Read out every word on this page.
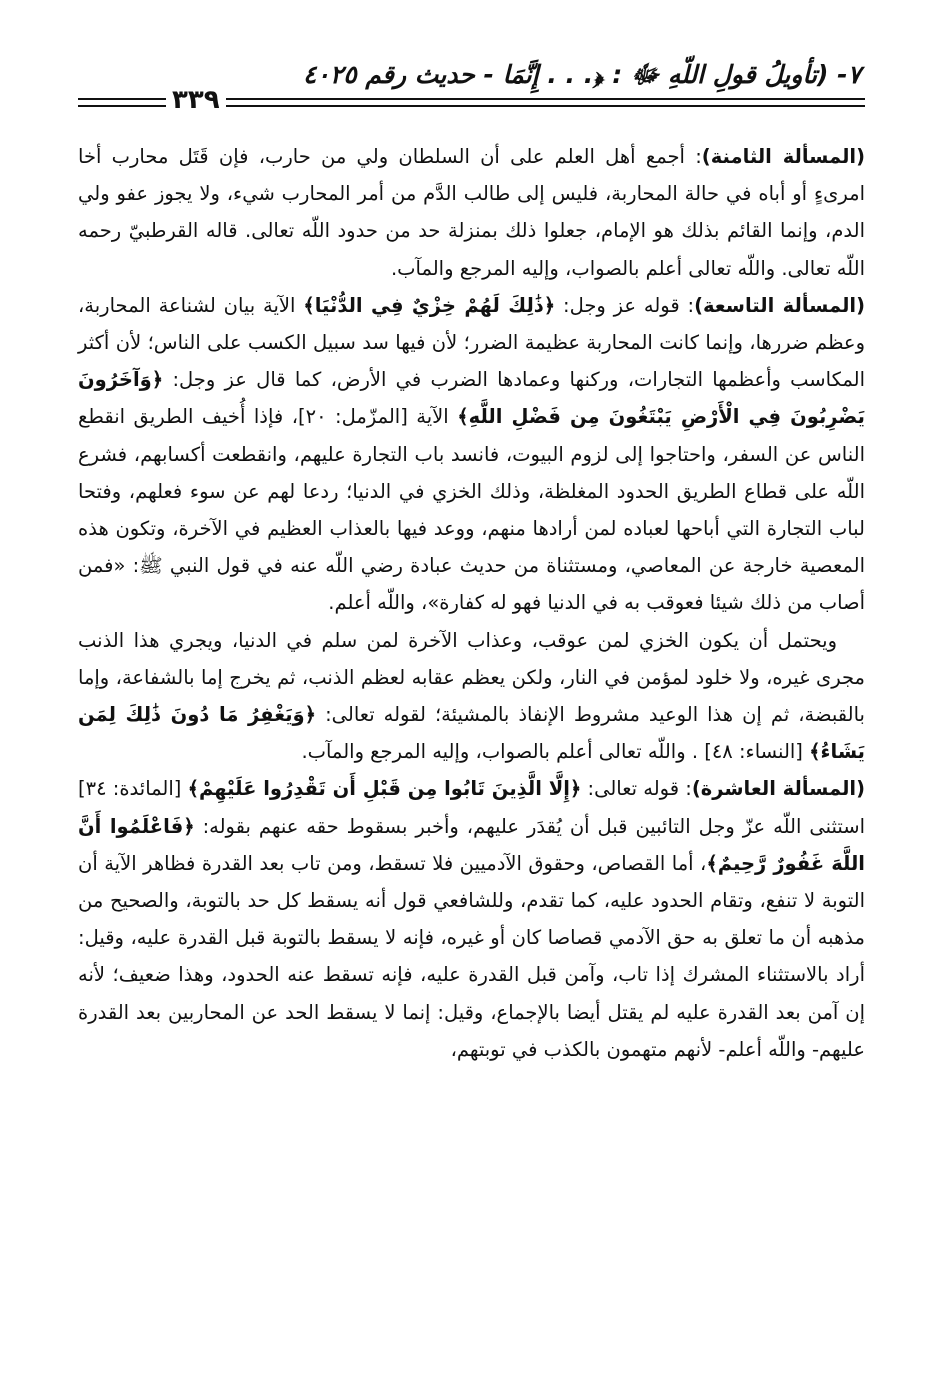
٧- (تأويلُ قولِ اللّهِ ﷻ : ﴿. . . إِنَّمَا - حديث رقم ٤٠٢٥
٣٣٩

(المسألة الثامنة): أجمع أهل العلم على أن السلطان ولي من حارب، فإن قَتَل محارب أخا امرىءٍ أو أباه في حالة المحاربة، فليس إلى طالب الدَّم من أمر المحارب شيء، ولا يجوز عفو ولي الدم، وإنما القائم بذلك هو الإمام، جعلوا ذلك بمنزلة حد من حدود اللّه تعالى. قاله القرطبيّ رحمه اللّه تعالى. واللّه تعالى أعلم بالصواب، وإليه المرجع والمآب.

(المسألة التاسعة): قوله عز وجل: ﴿ذَٰلِكَ لَهُمْ خِزْيٌ فِي الدُّنْيَا﴾ الآية بيان لشناعة المحاربة، وعظم ضررها، وإنما كانت المحاربة عظيمة الضرر؛ لأن فيها سد سبيل الكسب على الناس؛ لأن أكثر المكاسب وأعظمها التجارات، وركنها وعمادها الضرب في الأرض، كما قال عز وجل: ﴿وَآخَرُونَ يَضْرِبُونَ فِي الْأَرْضِ يَبْتَغُونَ مِن فَضْلِ اللَّهِ﴾ الآية [المزّمل: ٢٠]، فإذا أُخيف الطريق انقطع الناس عن السفر، واحتاجوا إلى لزوم البيوت، فانسد باب التجارة عليهم، وانقطعت أكسابهم، فشرع اللّه على قطاع الطريق الحدود المغلظة، وذلك الخزي في الدنيا؛ ردعا لهم عن سوء فعلهم، وفتحا لباب التجارة التي أباحها لعباده لمن أرادها منهم، ووعد فيها بالعذاب العظيم في الآخرة، وتكون هذه المعصية خارجة عن المعاصي، ومستثناة من حديث عبادة رضي اللّه عنه في قول النبي ﷺ: «فمن أصاب من ذلك شيئا فعوقب به في الدنيا فهو له كفارة»، واللّه أعلم.

ويحتمل أن يكون الخزي لمن عوقب، وعذاب الآخرة لمن سلم في الدنيا، ويجري هذا الذنب مجرى غيره، ولا خلود لمؤمن في النار، ولكن يعظم عقابه لعظم الذنب، ثم يخرج إما بالشفاعة، وإما بالقبضة، ثم إن هذا الوعيد مشروط الإنفاذ بالمشيئة؛ لقوله تعالى: ﴿وَيَغْفِرُ مَا دُونَ ذَٰلِكَ لِمَن يَشَاءُ﴾ [النساء: ٤٨] . واللّه تعالى أعلم بالصواب، وإليه المرجع والمآب.

(المسألة العاشرة): قوله تعالى: ﴿إِلَّا الَّذِينَ تَابُوا مِن قَبْلِ أَن تَقْدِرُوا عَلَيْهِمْ﴾ [المائدة: ٣٤] استثنى اللّه عزّ وجل التائبين قبل أن يُقدَر عليهم، وأخبر بسقوط حقه عنهم بقوله: ﴿فَاعْلَمُوا أَنَّ اللَّهَ غَفُورٌ رَّحِيمٌ﴾، أما القصاص، وحقوق الآدميين فلا تسقط، ومن تاب بعد القدرة فظاهر الآية أن التوبة لا تنفع، وتقام الحدود عليه، كما تقدم، وللشافعي قول أنه يسقط كل حد بالتوبة، والصحيح من مذهبه أن ما تعلق به حق الآدمي قصاصا كان أو غيره، فإنه لا يسقط بالتوبة قبل القدرة عليه، وقيل: أراد بالاستثناء المشرك إذا تاب، وآمن قبل القدرة عليه، فإنه تسقط عنه الحدود، وهذا ضعيف؛ لأنه إن آمن بعد القدرة عليه لم يقتل أيضا بالإجماع، وقيل: إنما لا يسقط الحد عن المحاربين بعد القدرة عليهم- واللّه أعلم- لأنهم متهمون بالكذب في توبتهم،
